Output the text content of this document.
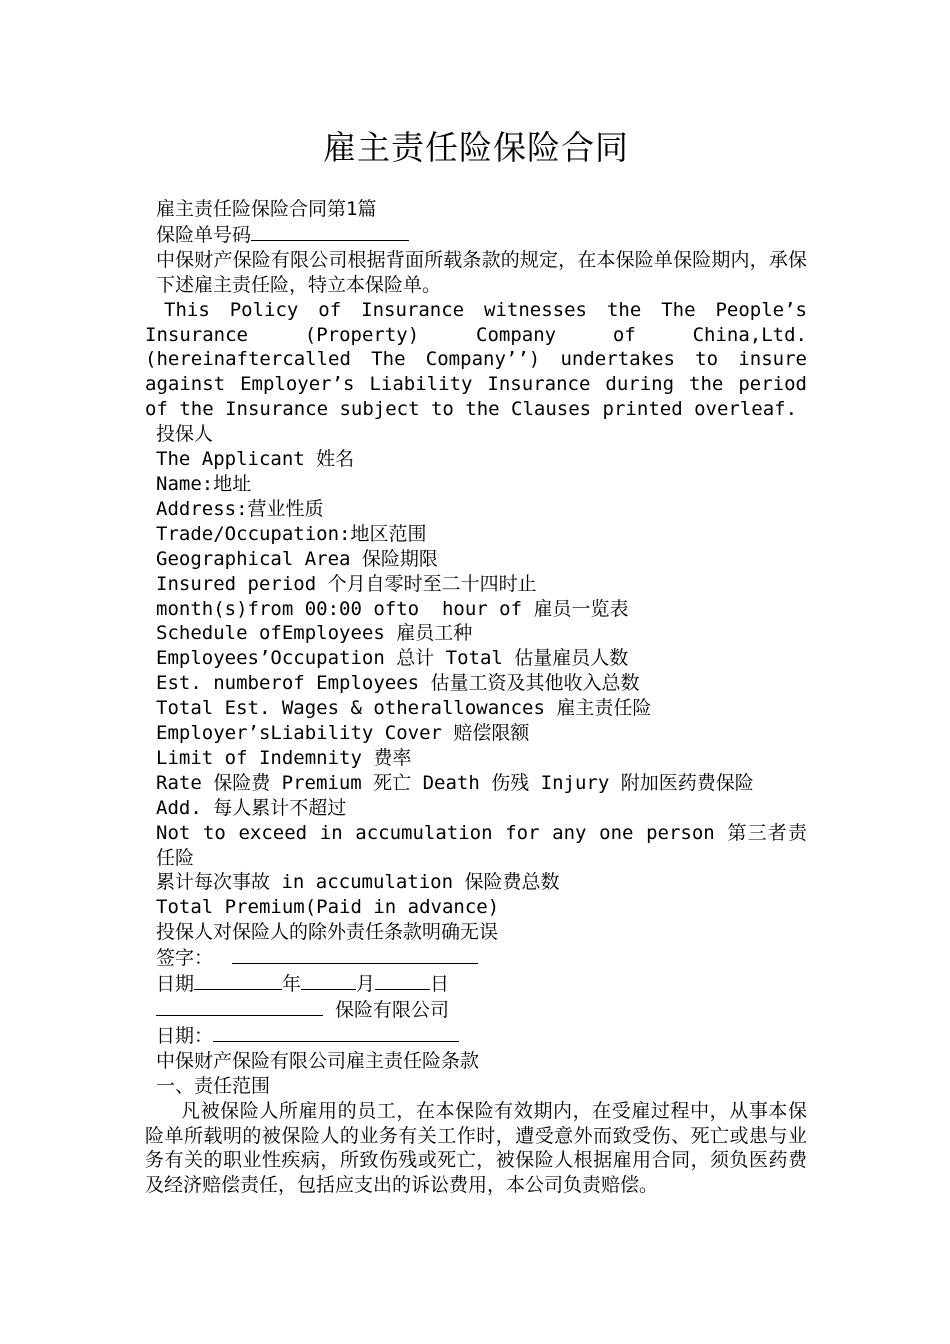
雇主责任险保险合同

雇主责任险保险合同第1篇

保险单号码

中保财产保险有限公司根据背面所载条款的规定，在本保险单保险期内，承保下述雇主责任险，特立本保险单。

This Policy of Insurance witnesses the The People’s Insurance (Property) Company of China,Ltd. (hereinaftercalled The Company’’) undertakes to insure against Employer’s Liability Insurance during the period of the Insurance subject to the Clauses printed overleaf.

投保人

The Applicant 姓名

Name:地址

Address:营业性质

Trade/Occupation:地区范围

Geographical Area 保险期限

Insured period 个月自零时至二十四时止

month(s)from 00:00 ofto  hour of 雇员一览表

Schedule ofEmployees 雇员工种

Employees’Occupation 总计 Total 估量雇员人数

Est. numberof Employees 估量工资及其他收入总数

Total Est. Wages & otherallowances 雇主责任险

Employer’sLiability Cover 赔偿限额

Limit of Indemnity 费率

Rate 保险费 Premium 死亡 Death 伤残 Injury 附加医药费保险

Add. 每人累计不超过

Not to exceed in accumulation for any one person 第三者责任险

累计每次事故 in accumulation 保险费总数

Total Premium(Paid in advance)

投保人对保险人的除外责任条款明确无误

签字：

日期	年	月	日

保险有限公司

日期：

中保财产保险有限公司雇主责任险条款

一、责任范围

凡被保险人所雇用的员工，在本保险有效期内，在受雇过程中，从事本保险单所载明的被保险人的业务有关工作时，遭受意外而致受伤、死亡或患与业务有关的职业性疾病，所致伤残或死亡，被保险人根据雇用合同，须负医药费及经济赔偿责任，包括应支出的诉讼费用，本公司负责赔偿。
